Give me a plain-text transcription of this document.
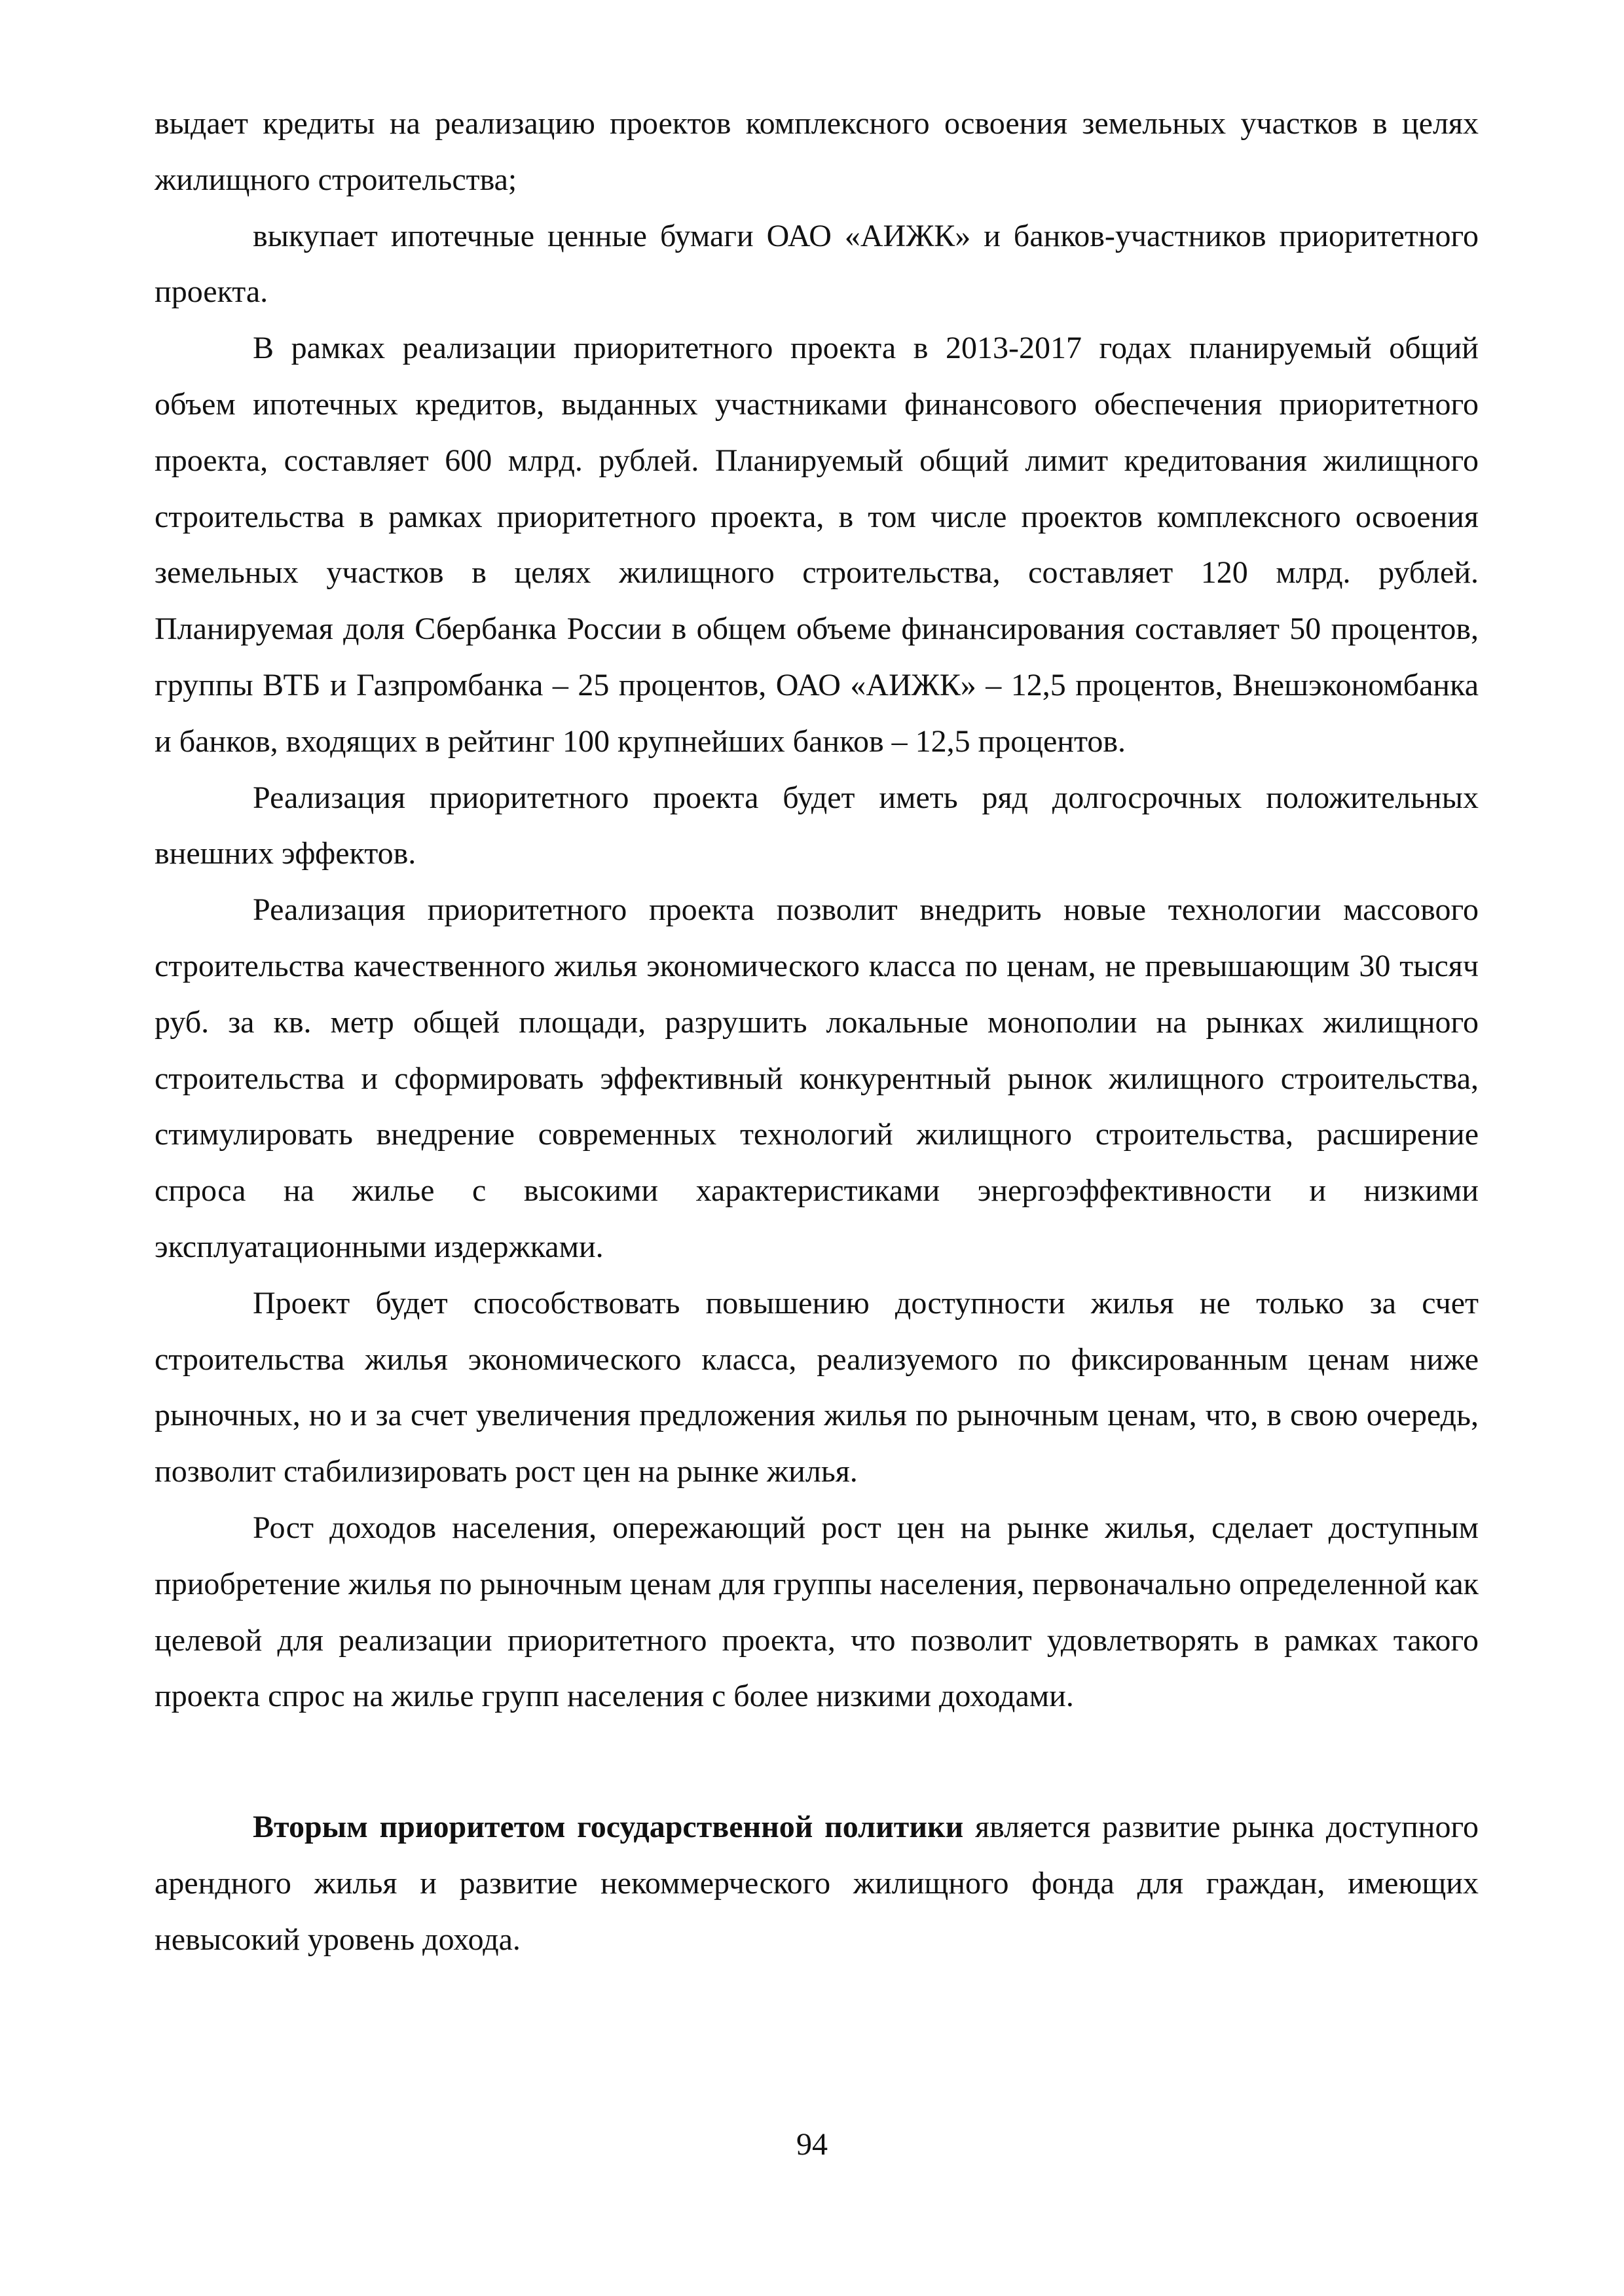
выдает кредиты на реализацию проектов комплексного освоения земельных участков в целях жилищного строительства;

выкупает ипотечные ценные бумаги ОАО «АИЖК» и банков-участников приоритетного проекта.

В рамках реализации приоритетного проекта в 2013-2017 годах планируемый общий объем ипотечных кредитов, выданных участниками финансового обеспечения приоритетного проекта, составляет 600 млрд. рублей. Планируемый общий лимит кредитования жилищного строительства в рамках приоритетного проекта, в том числе проектов комплексного освоения земельных участков в целях жилищного строительства, составляет 120 млрд. рублей. Планируемая доля Сбербанка России в общем объеме финансирования составляет 50 процентов, группы ВТБ и Газпромбанка – 25 процентов, ОАО «АИЖК» – 12,5 процентов, Внешэкономбанка и банков, входящих в рейтинг 100 крупнейших банков – 12,5 процентов.

Реализация приоритетного проекта будет иметь ряд долгосрочных положительных внешних эффектов.

Реализация приоритетного проекта позволит внедрить новые технологии массового строительства качественного жилья экономического класса по ценам, не превышающим 30 тысяч руб. за кв. метр общей площади, разрушить локальные монополии на рынках жилищного строительства и сформировать эффективный конкурентный рынок жилищного строительства, стимулировать внедрение современных технологий жилищного строительства, расширение спроса на жилье с высокими характеристиками энергоэффективности и низкими эксплуатационными издержками.

Проект будет способствовать повышению доступности жилья не только за счет строительства жилья экономического класса, реализуемого по фиксированным ценам ниже рыночных, но и за счет увеличения предложения жилья по рыночным ценам, что, в свою очередь, позволит стабилизировать рост цен на рынке жилья.

Рост доходов населения, опережающий рост цен на рынке жилья, сделает доступным приобретение жилья по рыночным ценам для группы населения, первоначально определенной как целевой для реализации приоритетного проекта, что позволит удовлетворять в рамках такого проекта спрос на жилье групп населения с более низкими доходами.

Вторым приоритетом государственной политики является развитие рынка доступного арендного жилья и развитие некоммерческого жилищного фонда для граждан, имеющих невысокий уровень дохода.

94
